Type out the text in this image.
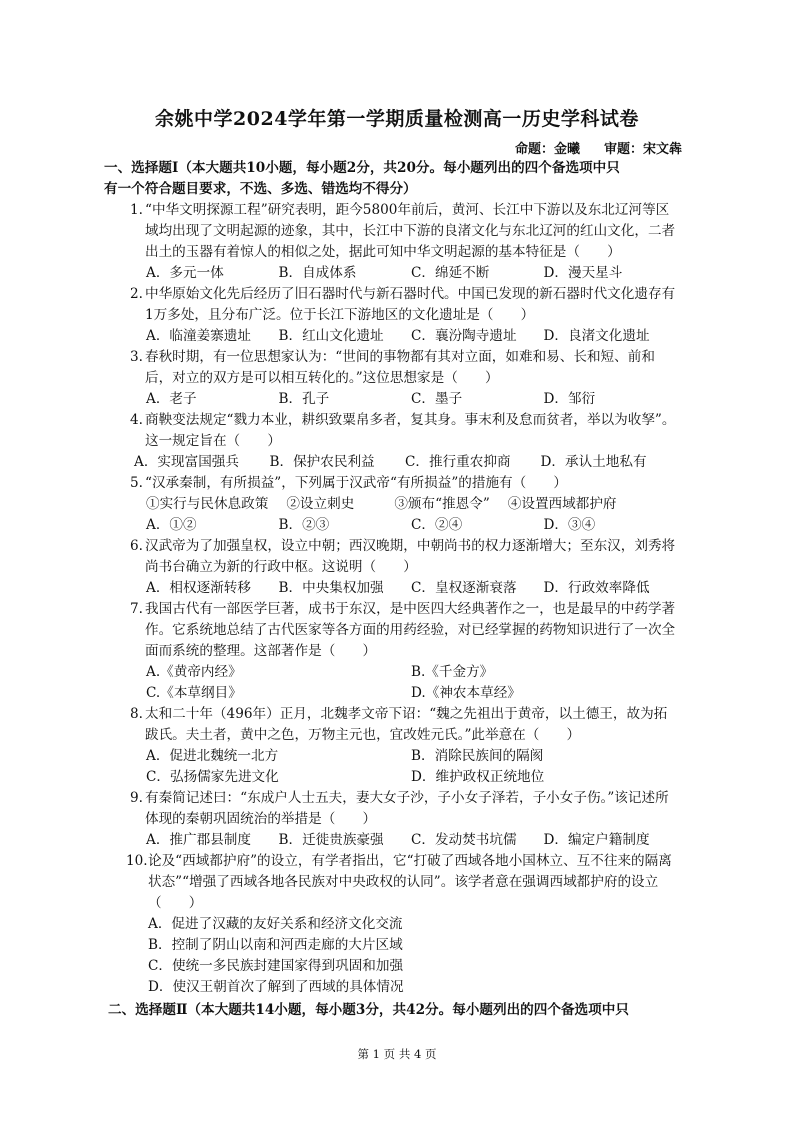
余姚中学2024学年第一学期质量检测高一历史学科试卷
命题：金曦 审题：宋文犇

一、选择题Ⅰ（本大题共10小题，每小题2分，共20分。每小题列出的四个备选项中只
有一个符合题目要求，不选、多选、错选均不得分）

1. “中华文明探源工程”研究表明，距今5800年前后，黄河、长江中下游以及东北辽河等区域均出现了文明起源的迹象，其中，长江中下游的良渚文化与东北辽河的红山文化，二者出土的玉器有着惊人的相似之处，据此可知中华文明起源的基本特征是（　　）

A．多元一体	B．自成体系	C．绵延不断	D．漫天星斗

2. 中华原始文化先后经历了旧石器时代与新石器时代。中国已发现的新石器时代文化遗存有1万多处，且分布广泛。位于长江下游地区的文化遗址是（　　）

A．临潼姜寨遗址	B．红山文化遗址	C．襄汾陶寺遗址	D．良渚文化遗址

3. 春秋时期，有一位思想家认为：“世间的事物都有其对立面，如难和易、长和短、前和后，对立的双方是可以相互转化的。”这位思想家是（　　）

A．老子	B．孔子	C．墨子	D．邹衍

4. 商鞅变法规定“戮力本业，耕织致粟帛多者，复其身。事末利及怠而贫者，举以为收孥”。这一规定旨在（　　）

A．实现富国强兵	B．保护农民利益	C．推行重农抑商	D．承认土地私有

5. “汉承秦制，有所损益”，下列属于汉武帝“有所损益”的措施有（　　）

①实行与民休息政策 ②设立刺史	③颁布“推恩令” ④设置西域都护府

A．①②	B．②③	C．②④	D．③④

6. 汉武帝为了加强皇权，设立中朝；西汉晚期，中朝尚书的权力逐渐增大；至东汉，刘秀将尚书台确立为新的行政中枢。这说明（　　）

A．相权逐渐转移	B．中央集权加强	C．皇权逐渐衰落	D．行政效率降低

7. 我国古代有一部医学巨著，成书于东汉，是中医四大经典著作之一，也是最早的中药学著作。它系统地总结了古代医家等各方面的用药经验，对已经掌握的药物知识进行了一次全面而系统的整理。这部著作是（　　）

A.《黄帝内经》	B.《千金方》
C.《本草纲目》	D.《神农本草经》

8. 太和二十年（496年）正月，北魏孝文帝下诏：“魏之先祖出于黄帝，以土德王，故为拓跋氏。夫土者，黄中之色，万物主元也，宜改姓元氏。”此举意在（　　）

A．促进北魏统一北方	B．消除民族间的隔阂
C．弘扬儒家先进文化	D．维护政权正统地位

9. 有秦简记述曰：“东成户人士五夫，妻大女子沙，子小女子泽若，子小女子伤。”该记述所体现的秦朝巩固统治的举措是（　　）

A．推广郡县制度	B．迁徙贵族豪强	C．发动焚书坑儒	D．编定户籍制度

10.论及“西域都护府”的设立，有学者指出，它“打破了西域各地小国林立、互不往来的隔离状态”“增强了西域各地各民族对中央政权的认同”。该学者意在强调西域都护府的设立（　　）

A．促进了汉藏的友好关系和经济文化交流
B．控制了阴山以南和河西走廊的大片区域
C．使统一多民族封建国家得到巩固和加强
D．使汉王朝首次了解到了西域的具体情况

二、选择题Ⅱ（本大题共14小题，每小题3分，共42分。每小题列出的四个备选项中只

第 1 页 共 4 页
